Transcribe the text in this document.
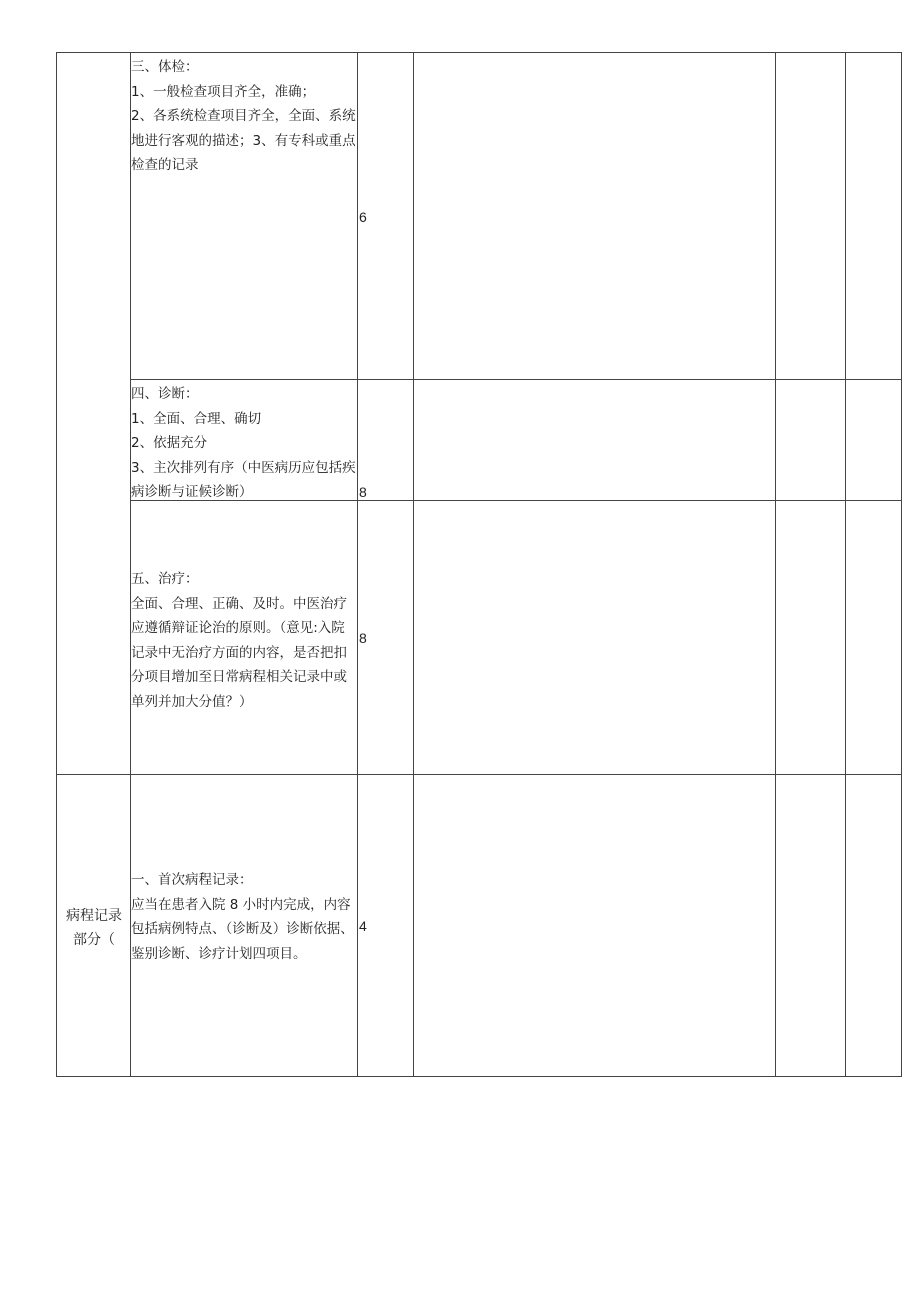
三、体检：
1、一般检查项目齐全，准确；
2、各系统检查项目齐全，全面、系统地进行客观的描述；3、有专科或重点检查的记录
6
四、诊断：
1、全面、合理、确切
2、依据充分
3、主次排列有序（中医病历应包括疾病诊断与证候诊断）	8
五、治疗：
全面、合理、正确、及时。中医治疗应遵循辩证论治的原则。（意见:入院记录中无治疗方面的内容，是否把扣分项目增加至日常病程相关记录中或单列并加大分值？）
8
病程记录部分（
一、首次病程记录：
应当在患者入院 8 小时内完成，内容包括病例特点、（诊断及）诊断依据、鉴别诊断、诊疗计划四项目。
4
